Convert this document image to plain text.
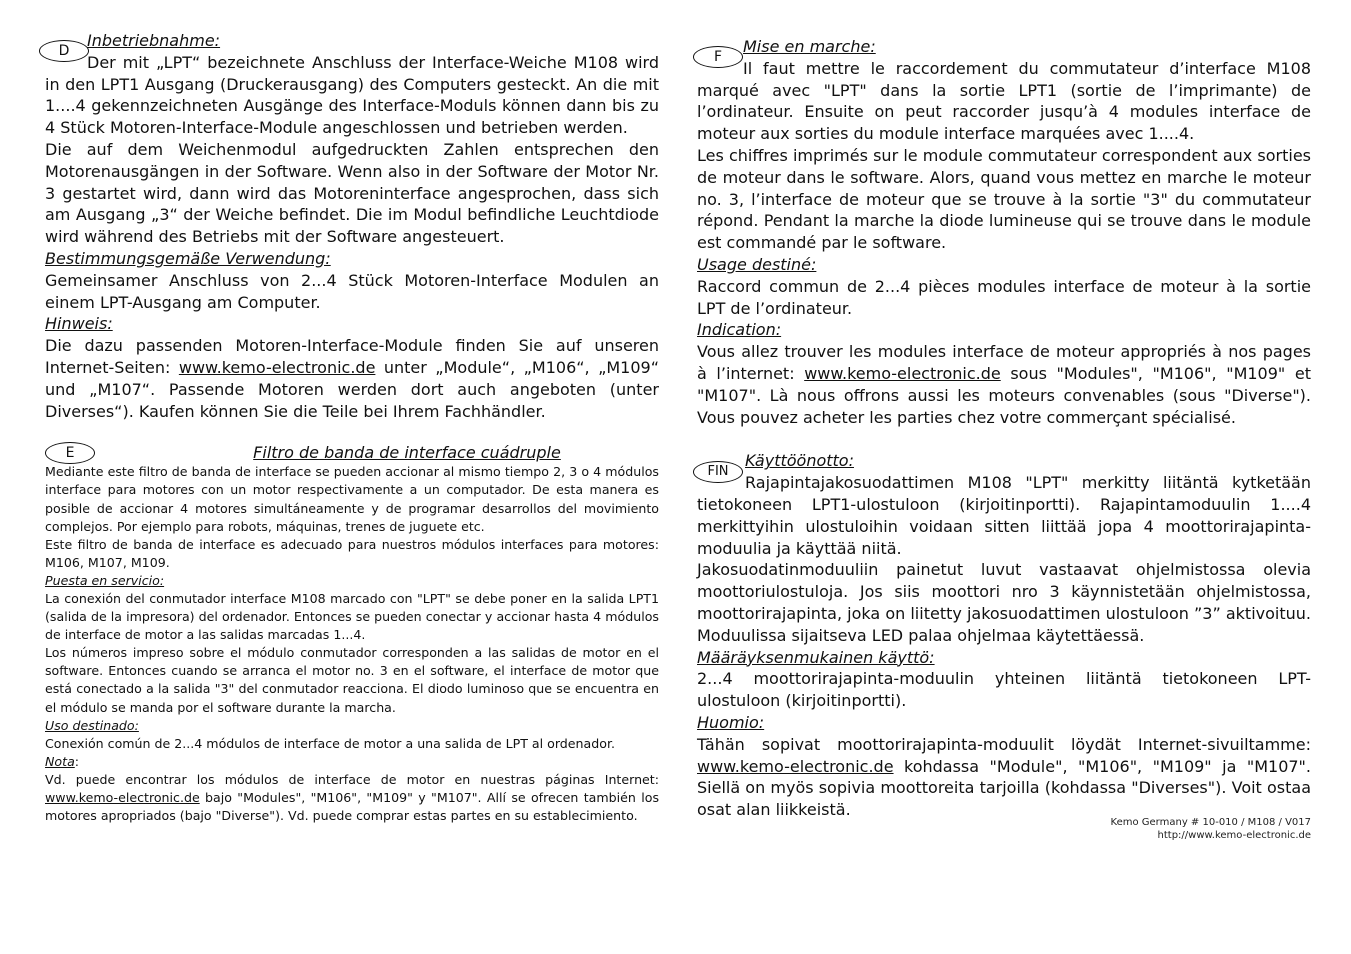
D

Inbetriebnahme:

Der mit „LPT“ bezeichnete Anschluss der Interface-Weiche M108 wird in den LPT1 Ausgang (Druckerausgang) des Computers gesteckt. An die mit 1....4 gekennzeichneten Ausgänge des Interface-Moduls können dann bis zu 4 Stück Motoren-Interface-Module angeschlossen und betrieben werden.

Die auf dem Weichenmodul aufgedruckten Zahlen entsprechen den Motorenausgängen in der Software. Wenn also in der Software der Motor Nr. 3 gestartet wird, dann wird das Motoreninterface angesprochen, dass sich am Ausgang „3“ der Weiche befindet. Die im Modul befindliche Leuchtdiode wird während des Betriebs mit der Software angesteuert.

Bestimmungsgemäße Verwendung:

Gemeinsamer Anschluss von 2...4 Stück Motoren-Interface Modulen an einem LPT-Ausgang am Computer.

Hinweis:

Die dazu passenden Motoren-Interface-Module finden Sie auf unseren Internet-Seiten: www.kemo-electronic.de unter „Module“, „M106“, „M109“ und „M107“. Passende Motoren werden dort auch angeboten (unter Diverses“). Kaufen können Sie die Teile bei Ihrem Fachhändler.

E	Filtro de banda de interface cuádruple

Mediante este filtro de banda de interface se pueden accionar al mismo tiempo 2, 3 o 4 módulos interface para motores con un motor respectivamente a un computador. De esta manera es posible de accionar 4 motores simultáneamente y de programar desarrollos del movimiento complejos. Por ejemplo para robots, máquinas, trenes de juguete etc.

Este filtro de banda de interface es adecuado para nuestros módulos interfaces para motores: M106, M107, M109.

Puesta en servicio:

La conexión del conmutador interface M108 marcado con "LPT" se debe poner en la salida LPT1 (salida de la impresora) del ordenador. Entonces se pueden conectar y accionar hasta 4 módulos de interface de motor a las salidas marcadas 1...4.

Los números impreso sobre el módulo conmutador corresponden a las salidas de motor en el software. Entonces cuando se arranca el motor no. 3 en el software, el interface de motor que está conectado a la salida "3" del conmutador reacciona. El diodo luminoso que se encuentra en el módulo se manda por el software durante la marcha.

Uso destinado:

Conexión común de 2...4 módulos de interface de motor a una salida de LPT al ordenador.

Nota:

Vd. puede encontrar los módulos de interface de motor en nuestras páginas Internet: www.kemo-electronic.de bajo "Modules", "M106", "M109" y "M107". Allí se ofrecen también los motores apropriados (bajo "Diverse"). Vd. puede comprar estas partes en su establecimiento.

F

Mise en marche:

Il faut mettre le raccordement du commutateur d’interface M108 marqué avec "LPT" dans la sortie LPT1 (sortie de l’imprimante) de l’ordinateur. Ensuite on peut raccorder jusqu’à 4 modules interface de moteur aux sorties du module interface marquées avec 1....4.

Les chiffres imprimés sur le module commutateur correspondent aux sorties de moteur dans le software. Alors, quand vous mettez en marche le moteur no. 3, l’interface de moteur que se trouve à la sortie "3" du commutateur répond. Pendant la marche la diode lumineuse qui se trouve dans le module est commandé par le software.

Usage destiné:

Raccord commun de 2...4 pièces modules interface de moteur à la sortie LPT de l’ordinateur.

Indication:

Vous allez trouver les modules interface de moteur appropriés à nos pages à l’internet: www.kemo-electronic.de sous "Modules", "M106", "M109" et "M107". Là nous offrons aussi les moteurs convenables (sous "Diverse"). Vous pouvez acheter les parties chez votre commerçant spécialisé.

FIN

Käyttöönotto:

Rajapintajakosuodattimen M108 "LPT" merkitty liitäntä kytketään tietokoneen LPT1-ulostuloon (kirjoitinportti). Rajapintamoduulin 1....4 merkittyihin ulostuloihin voidaan sitten liittää jopa 4 moottorirajapinta-moduulia ja käyttää niitä.

Jakosuodatinmoduuliin painetut luvut vastaavat ohjelmistossa olevia moottoriulostuloja. Jos siis moottori nro 3 käynnistetään ohjelmistossa, moottorirajapinta, joka on liitetty jakosuodattimen ulostuloon ”3” aktivoituu. Moduulissa sijaitseva LED palaa ohjelmaa käytettäessä.

Määräyksenmukainen käyttö:

2...4 moottorirajapinta-moduulin yhteinen liitäntä tietokoneen LPT-ulostuloon (kirjoitinportti).

Huomio:

Tähän sopivat moottorirajapinta-moduulit löydät Internet-sivuiltamme: www.kemo-electronic.de kohdassa "Module", "M106", "M109" ja "M107". Siellä on myös sopivia moottoreita tarjoilla (kohdassa "Diverses"). Voit ostaa osat alan liikkeistä.

Kemo Germany # 10-010 / M108 / V017
http://www.kemo-electronic.de
